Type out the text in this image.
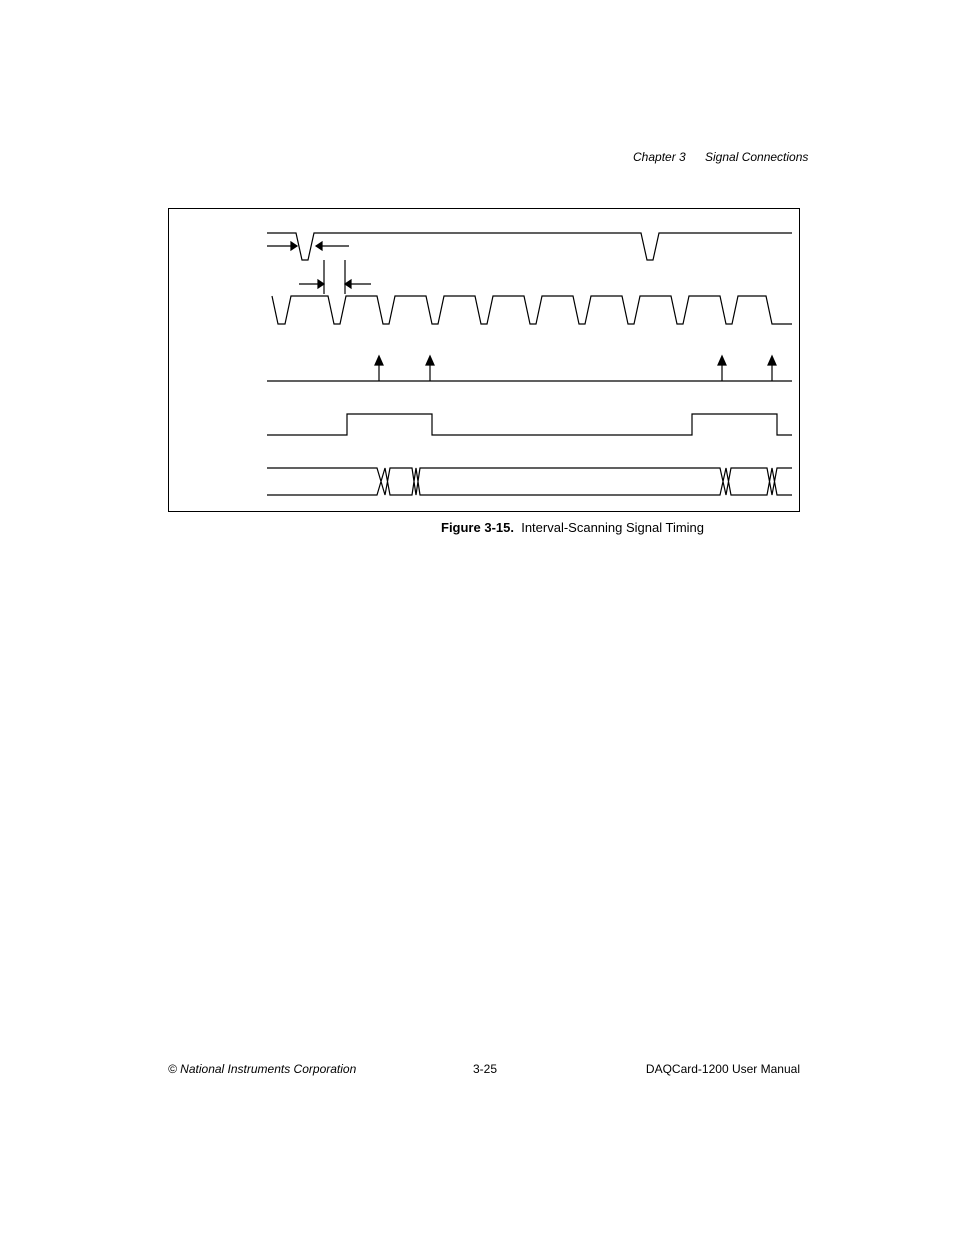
Chapter 3 Signal Connections
Figure 3-15. Interval-Scanning Signal Timing
© National Instruments Corporation	3-25	DAQCard-1200 User Manual
